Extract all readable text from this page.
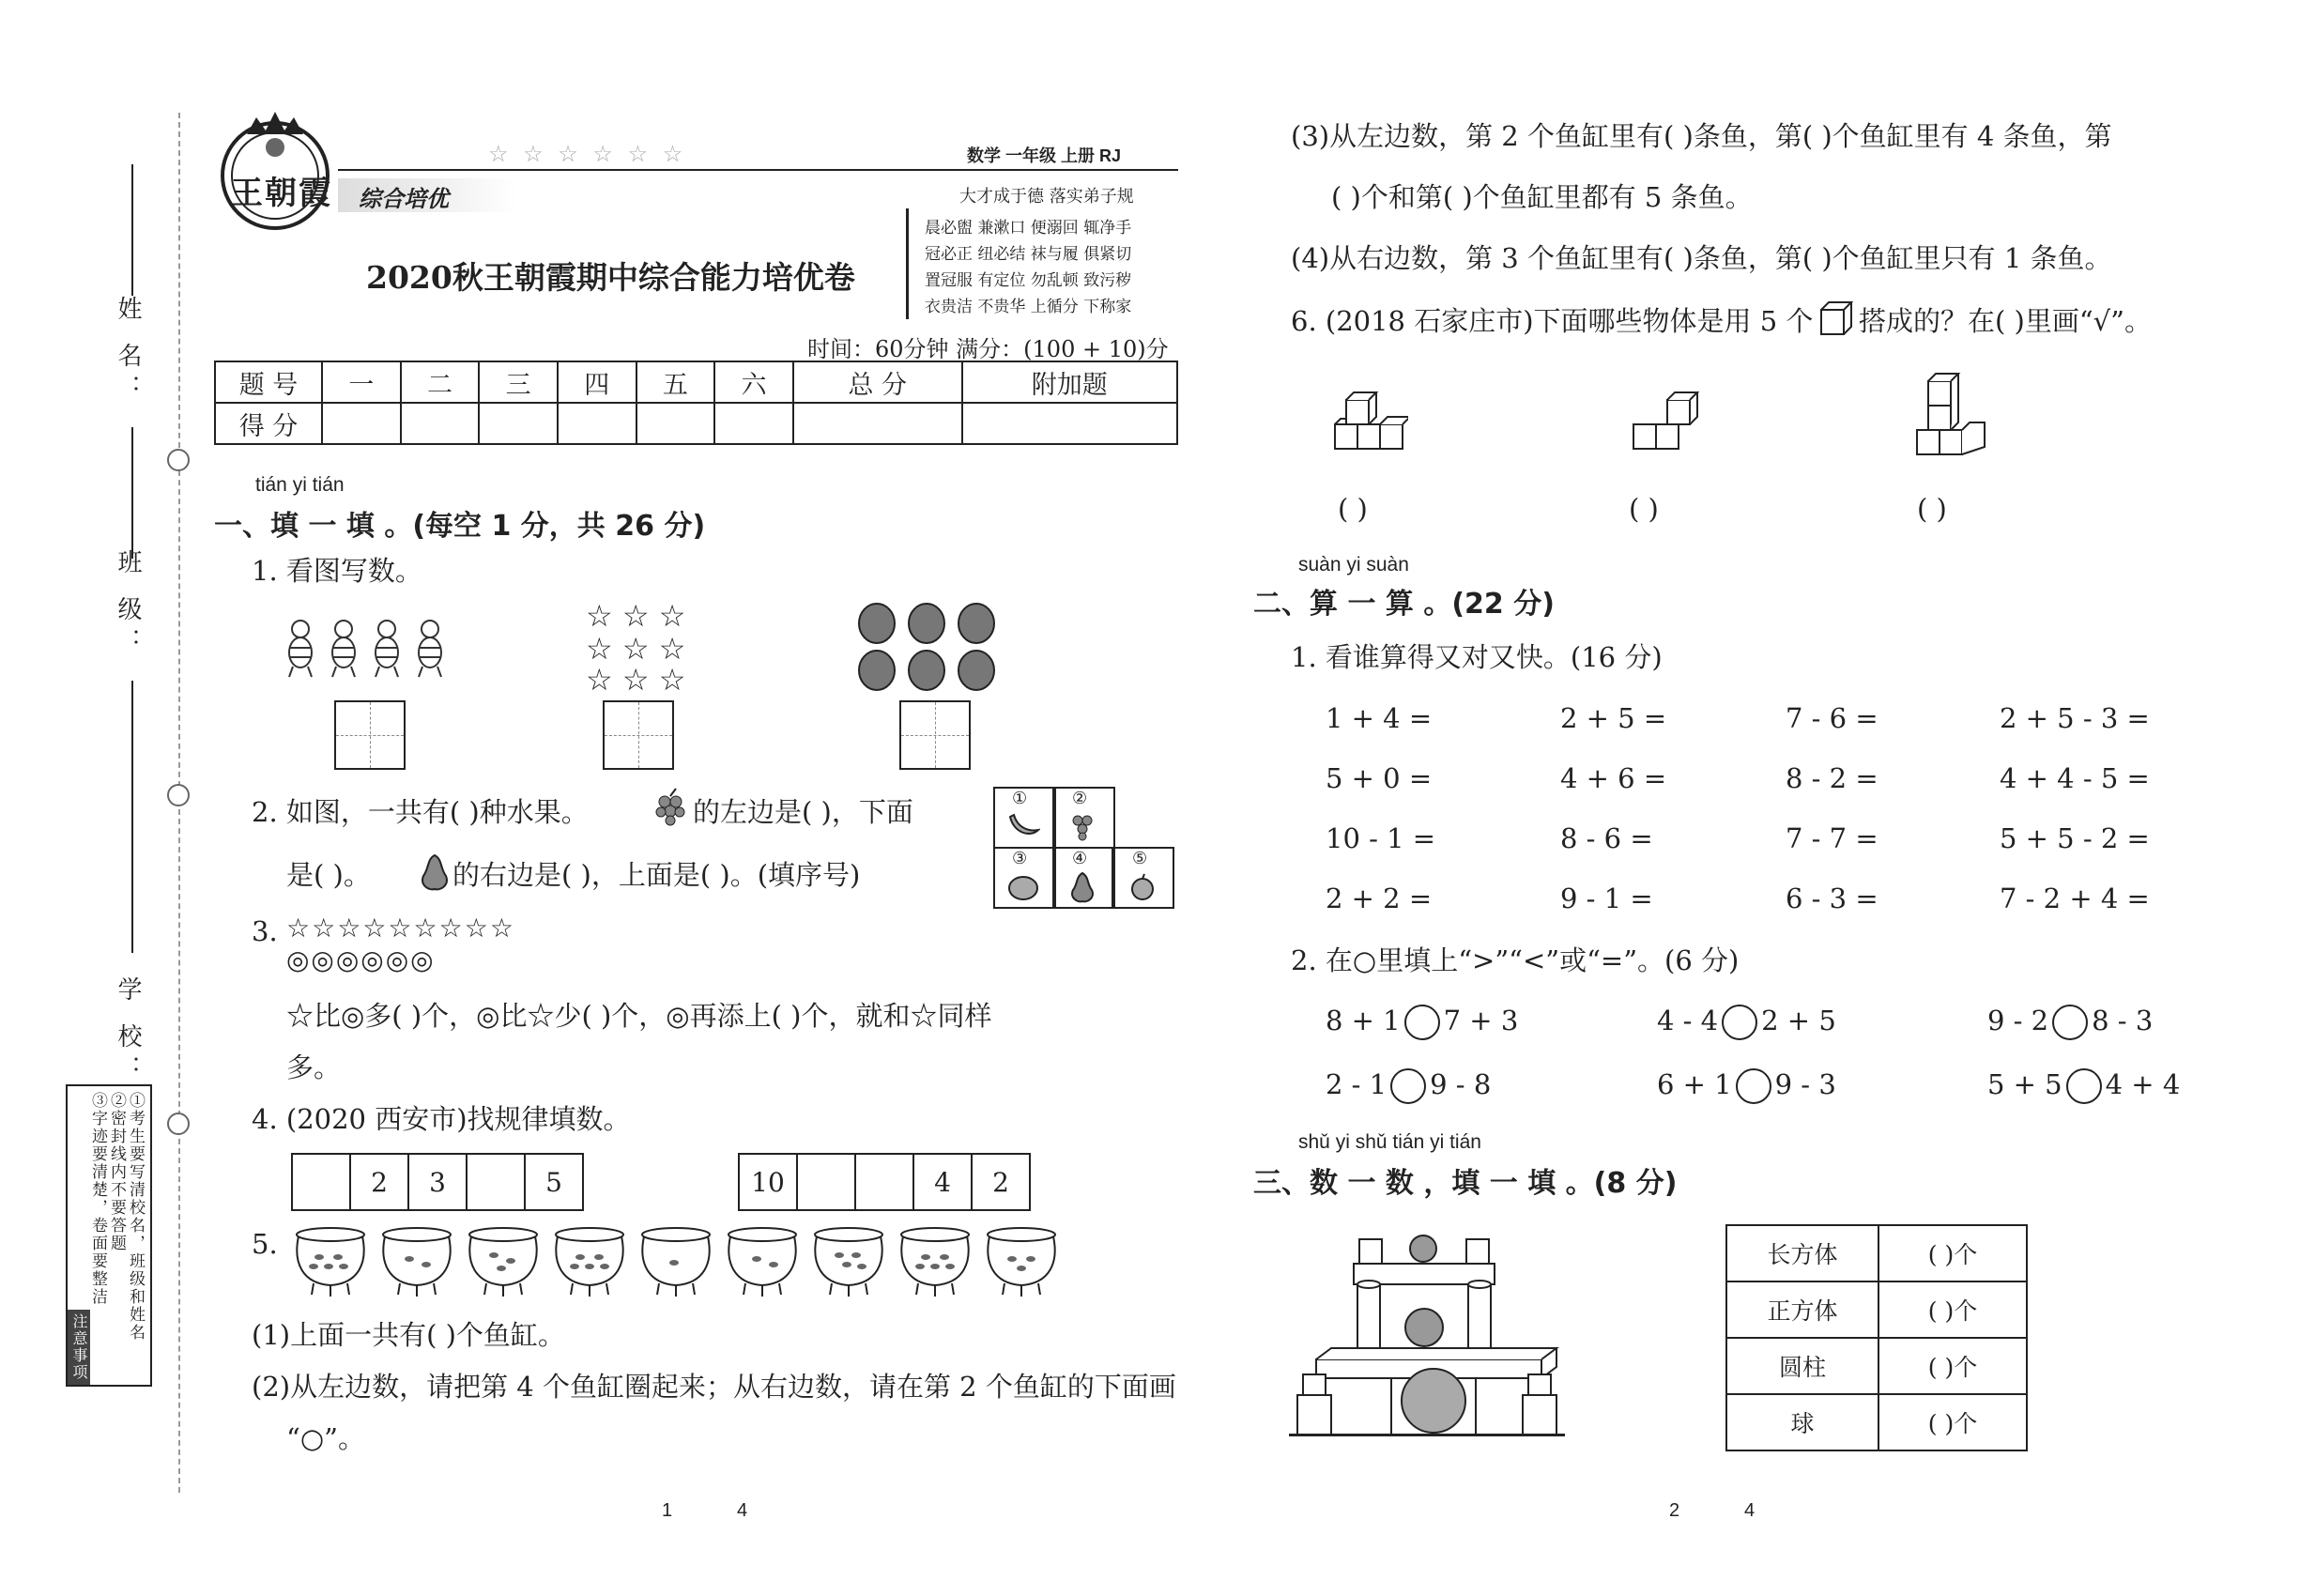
姓 名：
班 级：
学 校：
注意事项
①考生要写清校名，班级和姓名
②密封线内不要答题
③字迹要清楚，卷面要整洁
王朝霞 综合培优
☆ ☆ ☆ ☆ ☆ ☆	数学 一年级 上册 RJ
大才成于德 落实弟子规
晨必盥 兼漱口 便溺回 辄净手
冠必正 纽必结 袜与履 俱紧切
置冠服 有定位 勿乱顿 致污秽
衣贵洁 不贵华 上循分 下称家
2020秋王朝霞期中综合能力培优卷
时间：60分钟 满分：(100 + 10)分
题 号	一	二	三	四	五	六	总 分	附加题
得 分								
tián yi tián
一、填 一 填 。(每空 1 分，共 26 分)
1. 看图写数。
☆ ☆ ☆
☆ ☆ ☆
☆ ☆ ☆
2. 如图，一共有( )种水果。	的左边是( )，下面
是( )。	的右边是( )，上面是( )。(填序号)
①	②
③	④	⑤
3. ☆☆☆☆☆☆☆☆☆
◎◎◎◎◎◎
☆比◎多( )个，◎比☆少( )个，◎再添上( )个，就和☆同样
多。
4. (2020 西安市)找规律填数。
	2	3		5	10			4	2
5.
(1)上面一共有( )个鱼缸。
(2)从左边数，请把第 4 个鱼缸圈起来；从右边数，请在第 2 个鱼缸的下面画
“○”。
1	4
(3)从左边数，第 2 个鱼缸里有( )条鱼，第( )个鱼缸里有 4 条鱼，第
( )个和第( )个鱼缸里都有 5 条鱼。
(4)从右边数，第 3 个鱼缸里有( )条鱼，第( )个鱼缸里只有 1 条鱼。
6. (2018 石家庄市)下面哪些物体是用 5 个 搭成的？在( )里画“√”。
( )	( )	( )
suàn yi suàn
二、算 一 算 。(22 分)
1. 看谁算得又对又快。(16 分)
1 + 4 =	2 + 5 =	7 - 6 =	2 + 5 - 3 =
5 + 0 =	4 + 6 =	8 - 2 =	4 + 4 - 5 =
10 - 1 =	8 - 6 =	7 - 7 =	5 + 5 - 2 =
2 + 2 =	9 - 1 =	6 - 3 =	7 - 2 + 4 =
2. 在○里填上“>”“<”或“=”。(6 分)
8 + 1 7 + 3	4 - 4 2 + 5	9 - 2 8 - 3
2 - 1 9 - 8	6 + 1 9 - 3	5 + 5 4 + 4
shǔ yi shǔ tián yi tián
三、数 一 数 ，填 一 填 。(8 分)
长方体	( )个
正方体	( )个
圆柱	( )个
球	( )个
2	4
